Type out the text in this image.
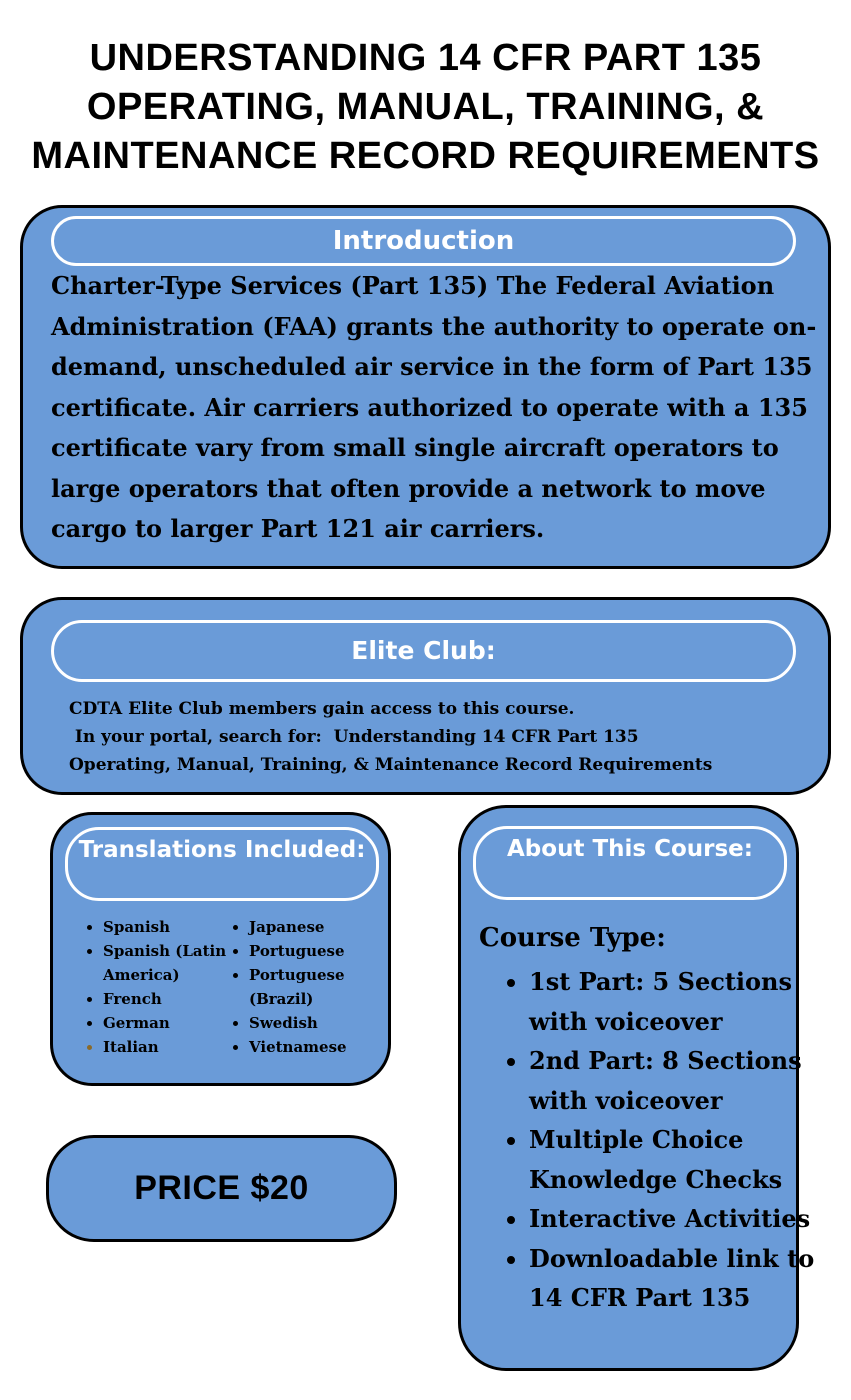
UNDERSTANDING 14 CFR PART 135
OPERATING, MANUAL, TRAINING, &
MAINTENANCE RECORD REQUIREMENTS
Introduction

Charter-Type Services (Part 135) The Federal Aviation Administration (FAA) grants the authority to operate on-demand, unscheduled air service in the form of Part 135 certificate. Air carriers authorized to operate with a 135 certificate vary from small single aircraft operators to large operators that often provide a network to move cargo to larger Part 121 air carriers.

Elite Club:
CDTA Elite Club members gain access to this course.
In your portal, search for:  Understanding 14 CFR Part 135
Operating, Manual, Training, & Maintenance Record Requirements
Translations Included:
• Spanish
• Spanish (Latin America)
• French
• German
• Italian
• Japanese
• Portuguese
• Portuguese (Brazil)
• Swedish
• Vietnamese
PRICE $20
About This Course:
Course Type:
• 1st Part: 5 Sections with voiceover
• 2nd Part: 8 Sections with voiceover
• Multiple Choice Knowledge Checks
• Interactive Activities
• Downloadable link to 14 CFR Part 135
